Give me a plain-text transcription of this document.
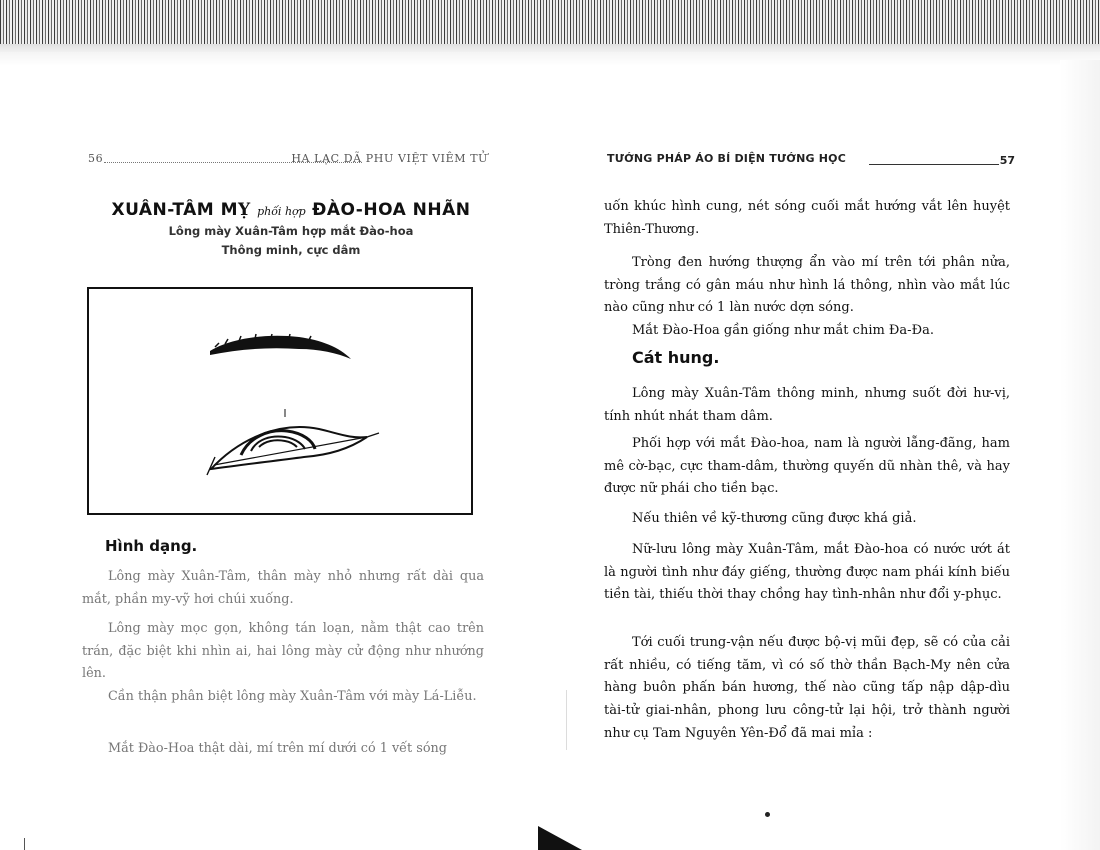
56	HA LẠC DÃ PHU VIỆT VIÊM TỬ
XUÂN-TÂM MỴ phối hợp ĐÀO-HOA NHÃN
Lông mày Xuân-Tâm hợp mắt Đào-hoa
Thông minh, cực dâm
Hình dạng.

Lông mày Xuân-Tâm, thân mày nhỏ nhưng rất dài qua mắt, phần my-vỹ hơi chúi xuống.

Lông mày mọc gọn, không tán loạn, nằm thật cao trên trán, đặc biệt khi nhìn ai, hai lông mày cử động như nhướng lên.

Cần thận phân biệt lông mày Xuân-Tâm với mày Lá-Liễu.

Mắt Đào-Hoa thật dài, mí trên mí dưới có 1 vết sóng

TƯỚNG PHÁP ÁO BÍ DIỆN TƯỚNG HỌC	57

uốn khúc hình cung, nét sóng cuối mắt hướng vắt lên huyệt Thiên-Thương.

Tròng đen hướng thượng ẩn vào mí trên tới phân nửa, tròng trắng có gân máu như hình lá thông, nhìn vào mắt lúc nào cũng như có 1 làn nước dợn sóng.

Mắt Đào-Hoa gần giống như mắt chim Đa-Đa.

Cát hung.

Lông mày Xuân-Tâm thông minh, nhưng suốt đời hư-vị, tính nhút nhát tham dâm.

Phối hợp với mắt Đào-hoa, nam là người lẵng-đãng, ham mê cờ-bạc, cực tham-dâm, thường quyến dũ nhàn thê, và hay được nữ phái cho tiền bạc.

Nếu thiên về kỹ-thương cũng được khá giả.

Nữ-lưu lông mày Xuân-Tâm, mắt Đào-hoa có nước ướt át là người tình như đáy giếng, thường được nam phái kính biếu tiền tài, thiếu thời thay chồng hay tình-nhân như đổi y-phục.

Tới cuối trung-vận nếu được bộ-vị mũi đẹp, sẽ có của cải rất nhiều, có tiếng tăm, vì có số thờ thần Bạch-My nên cửa hàng buôn phấn bán hương, thế nào cũng tấp nập dập-dìu tài-tử giai-nhân, phong lưu công-tử lại hội, trở thành người như cụ Tam Nguyên Yên-Đổ đã mai mỉa :
